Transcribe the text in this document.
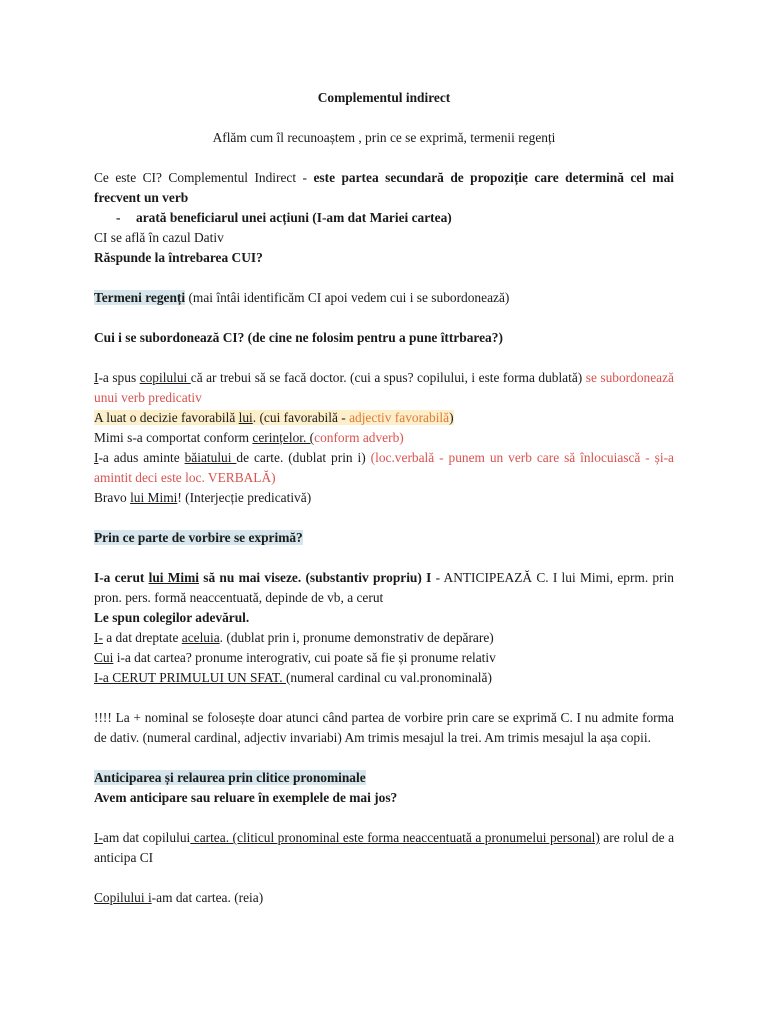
Complementul indirect

Aflăm cum îl recunoaștem , prin ce se exprimă, termenii regenți

Ce este CI? Complementul Indirect - este partea secundară de propoziție care determină cel mai frecvent un verb

- arată beneficiarul unei acțiuni (I-am dat Mariei cartea)

CI se află în cazul Dativ

Răspunde la întrebarea CUI?

Termeni regenți (mai întâi identificăm CI apoi vedem cui i se subordonează)

Cui i se subordonează CI? (de cine ne folosim pentru a pune îttrbarea?)

I-a spus copilului că ar trebui să se facă doctor. (cui a spus? copilului, i este forma dublată) se subordonează unui verb predicativ

A luat o decizie favorabilă lui. (cui favorabilă - adjectiv favorabilă)

Mimi s-a comportat conform cerințelor. (conform adverb)

I-a adus aminte băiatului de carte. (dublat prin i) (loc.verbală - punem un verb care să înlocuiască - și-a amintit deci este loc. VERBALĂ)

Bravo lui Mimi! (Interjecție predicativă)

Prin ce parte de vorbire se exprimă?

I-a cerut lui Mimi să nu mai viseze. (substantiv propriu) I - ANTICIPEAZĂ C. I lui Mimi, eprm. prin pron. pers. formă neaccentuată, depinde de vb, a cerut

Le spun colegilor adevărul.

I- a dat dreptate aceluia. (dublat prin i, pronume demonstrativ de depărare)

Cui i-a dat cartea? pronume interogrativ, cui poate să fie și pronume relativ

I-a CERUT PRIMULUI UN SFAT. (numeral cardinal cu val.pronominală)

!!!! La + nominal se folosește doar atunci când partea de vorbire prin care se exprimă C. I nu admite forma de dativ. (numeral cardinal, adjectiv invariabi) Am trimis mesajul la trei. Am trimis mesajul la așa copii.

Anticiparea și relaurea prin clitice pronominale

Avem anticipare sau reluare în exemplele de mai jos?

I-am dat copilului cartea. (cliticul pronominal este forma neaccentuată a pronumelui personal) are rolul de a anticipa CI

Copilului i-am dat cartea. (reia)
